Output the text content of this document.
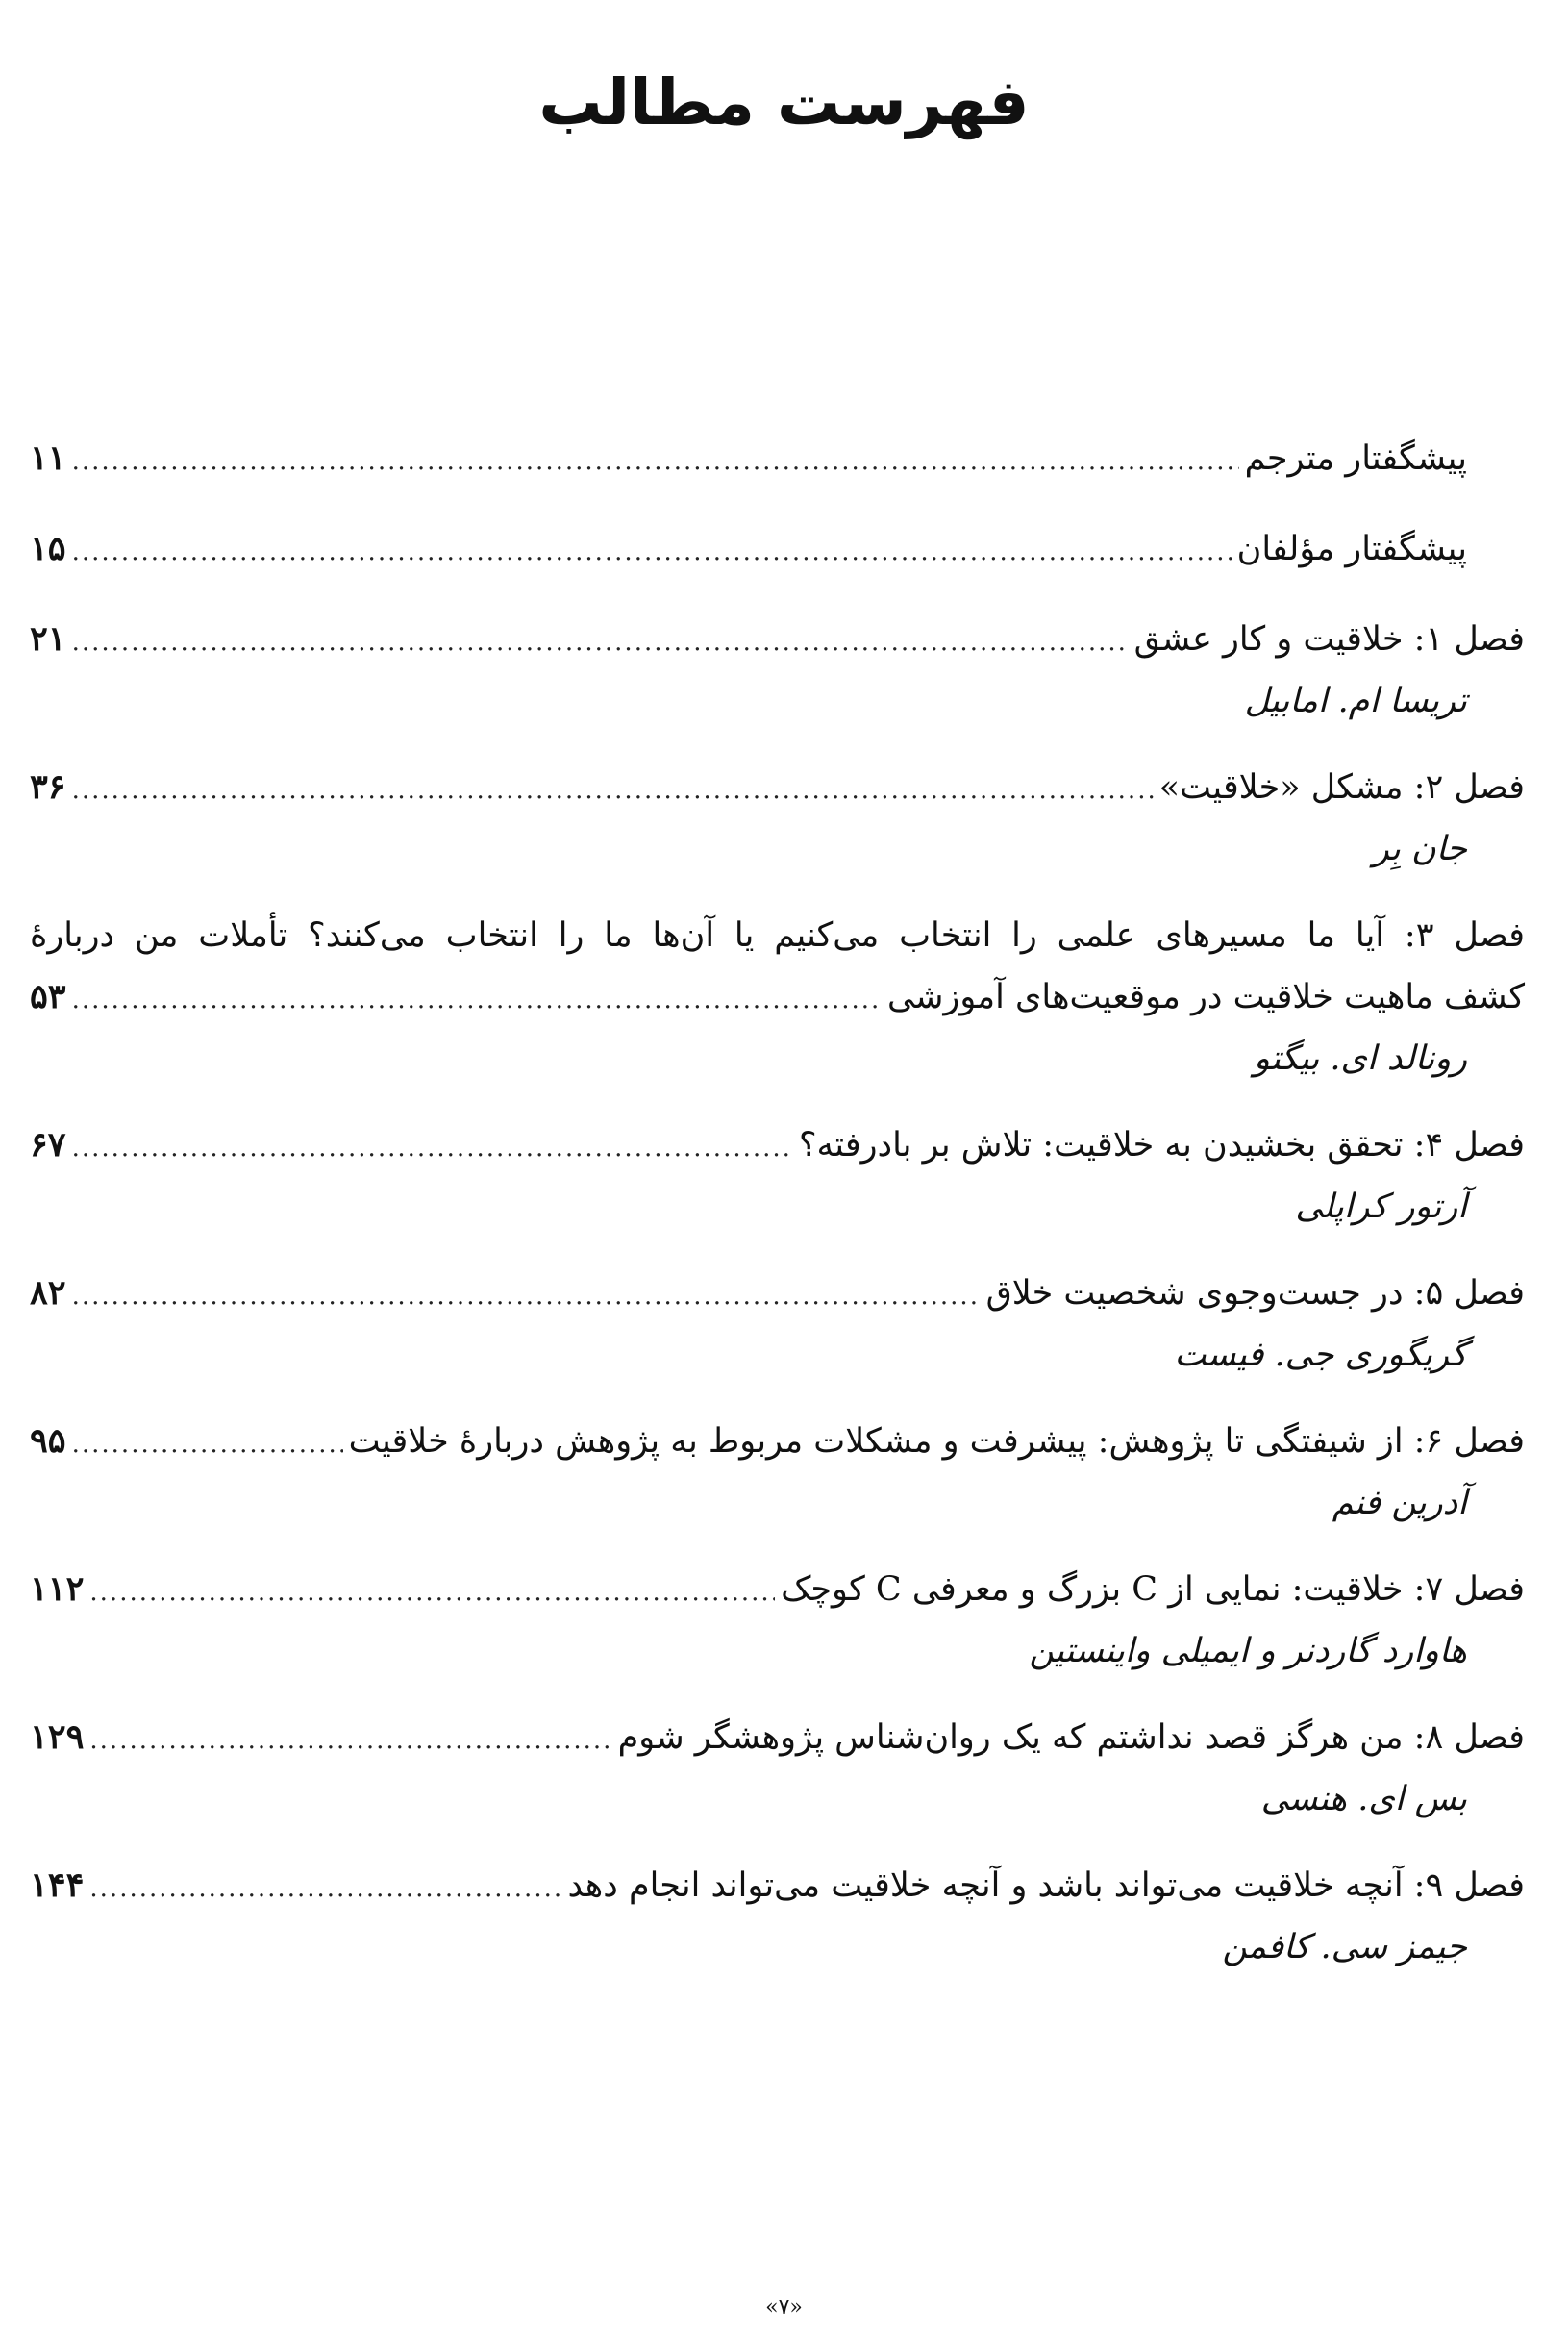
فهرست مطالب
پیشگفتار مترجم
.....
۱۱
پیشگفتار مؤلفان
.....
۱۵
فصل ۱: خلاقیت و کار عشق
.....
۲۱
تریسا ام. امابیل
فصل ۲: مشکل «خلاقیت»
.....
۳۶
جان بِر
فصل ۳: آیا ما مسیرهای علمی را انتخاب می‌کنیم یا آن‌ها ما را انتخاب می‌کنند؟ تأملات من دربارۀ
کشف ماهیت خلاقیت در موقعیت‌های آموزشی
.....
۵۳
رونالد ای. بیگتو
فصل ۴: تحقق بخشیدن به خلاقیت: تلاش بر بادرفته؟
.....
۶۷
آرتور کراپلی
فصل ۵: در جست‌وجوی شخصیت خلاق
.....
۸۲
گریگوری جی. فیست
فصل ۶: از شیفتگی تا پژوهش: پیشرفت و مشکلات مربوط به پژوهش دربارۀ خلاقیت
.....
۹۵
آدرین فنم
فصل ۷: خلاقیت: نمایی از C بزرگ و معرفی C کوچک
.....
۱۱۲
هاوارد گاردنر و ایمیلی واینستین
فصل ۸: من هرگز قصد نداشتم که یک روان‌شناس پژوهشگر شوم
.....
۱۲۹
بس ای. هنسی
فصل ۹: آنچه خلاقیت می‌تواند باشد و آنچه خلاقیت می‌تواند انجام دهد
.....
۱۴۴
جیمز سی. کافمن
«۷»
